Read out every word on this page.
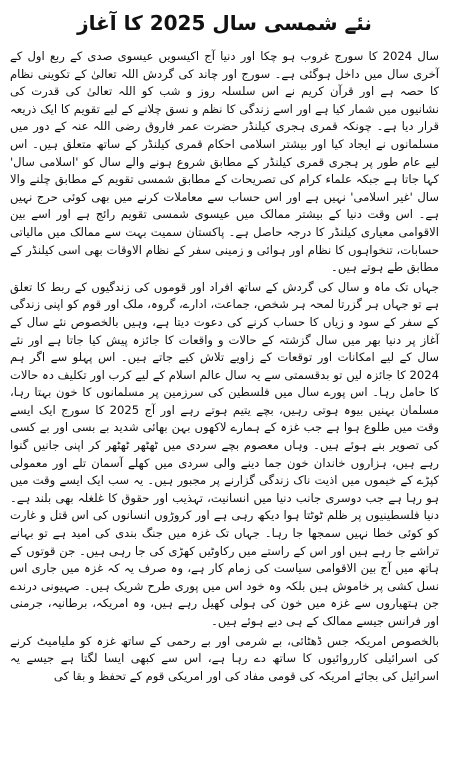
نئے شمسی سال 2025 کا آغاز

سال 2024 کا سورج غروب ہو چکا اور دنیا آج اکیسویں عیسوی صدی کے ربع اول کے آخری سال میں داخل ہوگئی ہے۔ سورج اور چاند کی گردش اللہ تعالیٰ کے تکوینی نظام کا حصہ ہے اور قرآن کریم نے اس سلسلہ روز و شب کو اللہ تعالیٰ کی قدرت کی نشانیوں میں شمار کیا ہے اور اسے زندگی کا نظم و نسق چلانے کے لیے تقویم کا ایک ذریعہ قرار دیا ہے۔ چونکہ قمری ہجری کیلنڈر حضرت عمر فاروق رضی اللہ عنہ کے دور میں مسلمانوں نے ایجاد کیا اور بیشتر اسلامی احکام قمری کیلنڈر کے ساتھ متعلق ہیں۔ اس لیے عام طور پر ہجری قمری کیلنڈر کے مطابق شروع ہونے والے سال کو 'اسلامی سال' کہا جاتا ہے جبکہ علماء کرام کی تصریحات کے مطابق شمسی تقویم کے مطابق چلنے والا سال 'غیر اسلامی' نہیں ہے اور اس حساب سے معاملات کرنے میں بھی کوئی حرج نہیں ہے۔ اس وقت دنیا کے بیشتر ممالک میں عیسوی شمسی تقویم رائج ہے اور اسے بین الاقوامی معیاری کیلنڈر کا درجہ حاصل ہے۔ پاکستان سمیت بہت سے ممالک میں مالیاتی حسابات، تنخواہوں کا نظام اور ہوائی و زمینی سفر کے نظام الاوقات بھی اسی کیلنڈر کے مطابق طے ہوتے ہیں۔

جہاں تک ماہ و سال کی گردش کے ساتھ افراد اور قوموں کی زندگیوں کے ربط کا تعلق ہے تو جہاں ہر گزرتا لمحہ ہر شخص، جماعت، ادارے، گروہ، ملک اور قوم کو اپنی زندگی کے سفر کے سود و زیاں کا حساب کرنے کی دعوت دیتا ہے، وہیں بالخصوص نئے سال کے آغاز پر دنیا بھر میں سال گزشتہ کے حالات و واقعات کا جائزہ پیش کیا جاتا ہے اور نئے سال کے لیے امکانات اور توقعات کے زاویے تلاش کیے جاتے ہیں۔ اس پہلو سے اگر ہم 2024 کا جائزہ لیں تو بدقسمتی سے یہ سال عالم اسلام کے لیے کرب اور تکلیف دہ حالات کا حامل رہا۔ اس پورے سال میں فلسطین کی سرزمین پر مسلمانوں کا خون بہتا رہا، مسلمان بہنیں بیوہ ہوتی رہیں، بچے یتیم ہوتے رہے اور آج 2025 کا سورج ایک ایسے وقت میں طلوع ہوا ہے جب غزہ کے ہمارے لاکھوں بہن بھائی شدید بے بسی اور بے کسی کی تصویر بنے ہوئے ہیں۔ وہاں معصوم بچے سردی میں ٹھٹھر ٹھٹھر کر اپنی جانیں گنوا رہے ہیں، ہزاروں خاندان خون جما دینے والی سردی میں کھلے آسمان تلے اور معمولی کپڑے کے خیموں میں اذیت ناک زندگی گزارنے پر مجبور ہیں۔ یہ سب ایک ایسے وقت میں ہو رہا ہے جب دوسری جانب دنیا میں انسانیت، تہذیب اور حقوق کا غلغلہ بھی بلند ہے۔ دنیا فلسطینیوں پر ظلم ٹوٹتا ہوا دیکھ رہی ہے اور کروڑوں انسانوں کی اس قتل و غارت کو کوئی خطا نہیں سمجھا جا رہا۔ جہاں تک غزہ میں جنگ بندی کی امید ہے تو بہانے تراشے جا رہے ہیں اور اس کے راستے میں رکاوٹیں کھڑی کی جا رہی ہیں۔ جن قوتوں کے ہاتھ میں آج بین الاقوامی سیاست کی زمام کار ہے، وہ صرف یہ کہ غزہ میں جاری اس نسل کشی پر خاموش ہیں بلکہ وہ خود اس میں پوری طرح شریک ہیں۔ صہیونی درندے جن ہتھیاروں سے غزہ میں خون کی ہولی کھیل رہے ہیں، وہ امریکہ، برطانیہ، جرمنی اور فرانس جیسے ممالک کے ہی دیے ہوئے ہیں۔

بالخصوص امریکہ جس ڈھٹائی، بے شرمی اور بے رحمی کے ساتھ غزہ کو ملیامیٹ کرنے کی اسرائیلی کارروائیوں کا ساتھ دے رہا ہے، اس سے کبھی ایسا لگتا ہے جیسے یہ اسرائیل کی بجائے امریکہ کی قومی مفاد کی اور امریکی قوم کے تحفظ و بقا کی
